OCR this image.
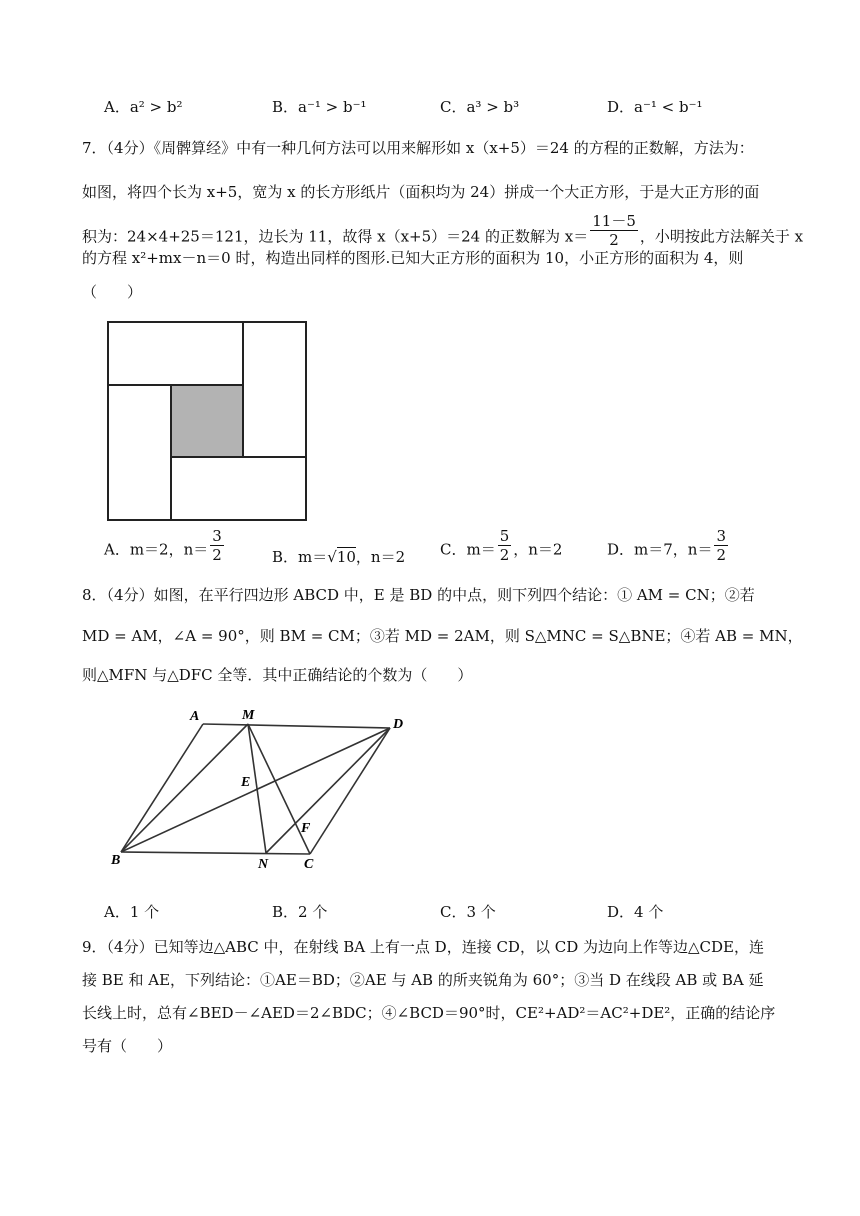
A．a² > b²	B．a⁻¹ > b⁻¹	C．a³ > b³	D．a⁻¹ < b⁻¹
7．（4分）《周髀算经》中有一种几何方法可以用来解形如 x（x+5）＝24 的方程的正数解，方法为：
如图，将四个长为 x+5，宽为 x 的长方形纸片（面积均为 24）拼成一个大正方形，于是大正方形的面
积为：24×4+25＝121，边长为 11，故得 x（x+5）＝24 的正数解为 $x= \frac{11-5}{2}$ ，小明按此方法解关于 x
的方程 x²+mx－n＝0 时，构造出同样的图形.已知大正方形的面积为 10，小正方形的面积为 4，则
（　　）
A．m＝2，$n= \frac{3}{2}$	B．m＝√10，n＝2 C．$m= \frac{5}{2}$ ，n＝2	D．m＝7，$n= \frac{3}{2}$
8．（4分）如图，在平行四边形 ABCD 中，E 是 BD 的中点，则下列四个结论：① AM = CN；②若
MD = AM，∠A = 90°，则 BM = CM；③若 MD = 2AM，则 S△MNC = S△BNE；④若 AB = MN，
则△MFN 与△DFC 全等．其中正确结论的个数为（　　）
A	M
D
E
F
B	N	C
A．1 个	B．2 个	C．3 个	D．4 个
9．（4分）已知等边△ABC 中，在射线 BA 上有一点 D，连接 CD，以 CD 为边向上作等边△CDE，连
接 BE 和 AE，下列结论：①AE＝BD；②AE 与 AB 的所夹锐角为 60°；③当 D 在线段 AB 或 BA 延
长线上时，总有∠BED－∠AED＝2∠BDC；④∠BCD＝90°时，CE²+AD²＝AC²+DE²，正确的结论序
号有（　　）
